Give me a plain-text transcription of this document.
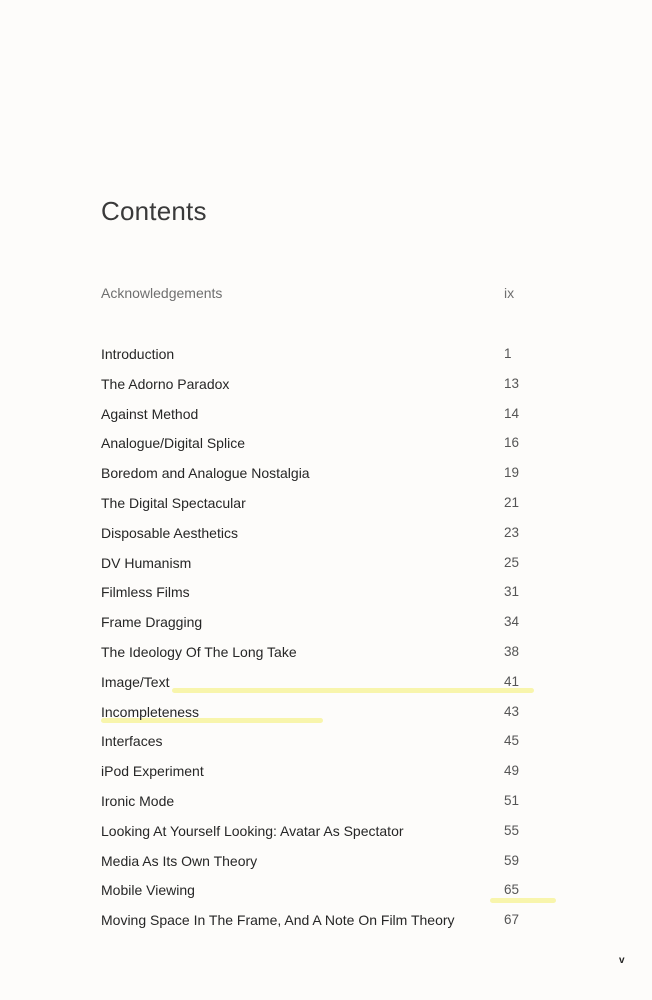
Contents
Acknowledgements	ix
Introduction	1
The Adorno Paradox	13
Against Method	14
Analogue/Digital Splice	16
Boredom and Analogue Nostalgia	19
The Digital Spectacular	21
Disposable Aesthetics	23
DV Humanism	25
Filmless Films	31
Frame Dragging	34
The Ideology Of The Long Take	38
Image/Text	41
Incompleteness	43
Interfaces	45
iPod Experiment	49
Ironic Mode	51
Looking At Yourself Looking: Avatar As Spectator	55
Media As Its Own Theory	59
Mobile Viewing	65
Moving Space In The Frame, And A Note On Film Theory	67
v
